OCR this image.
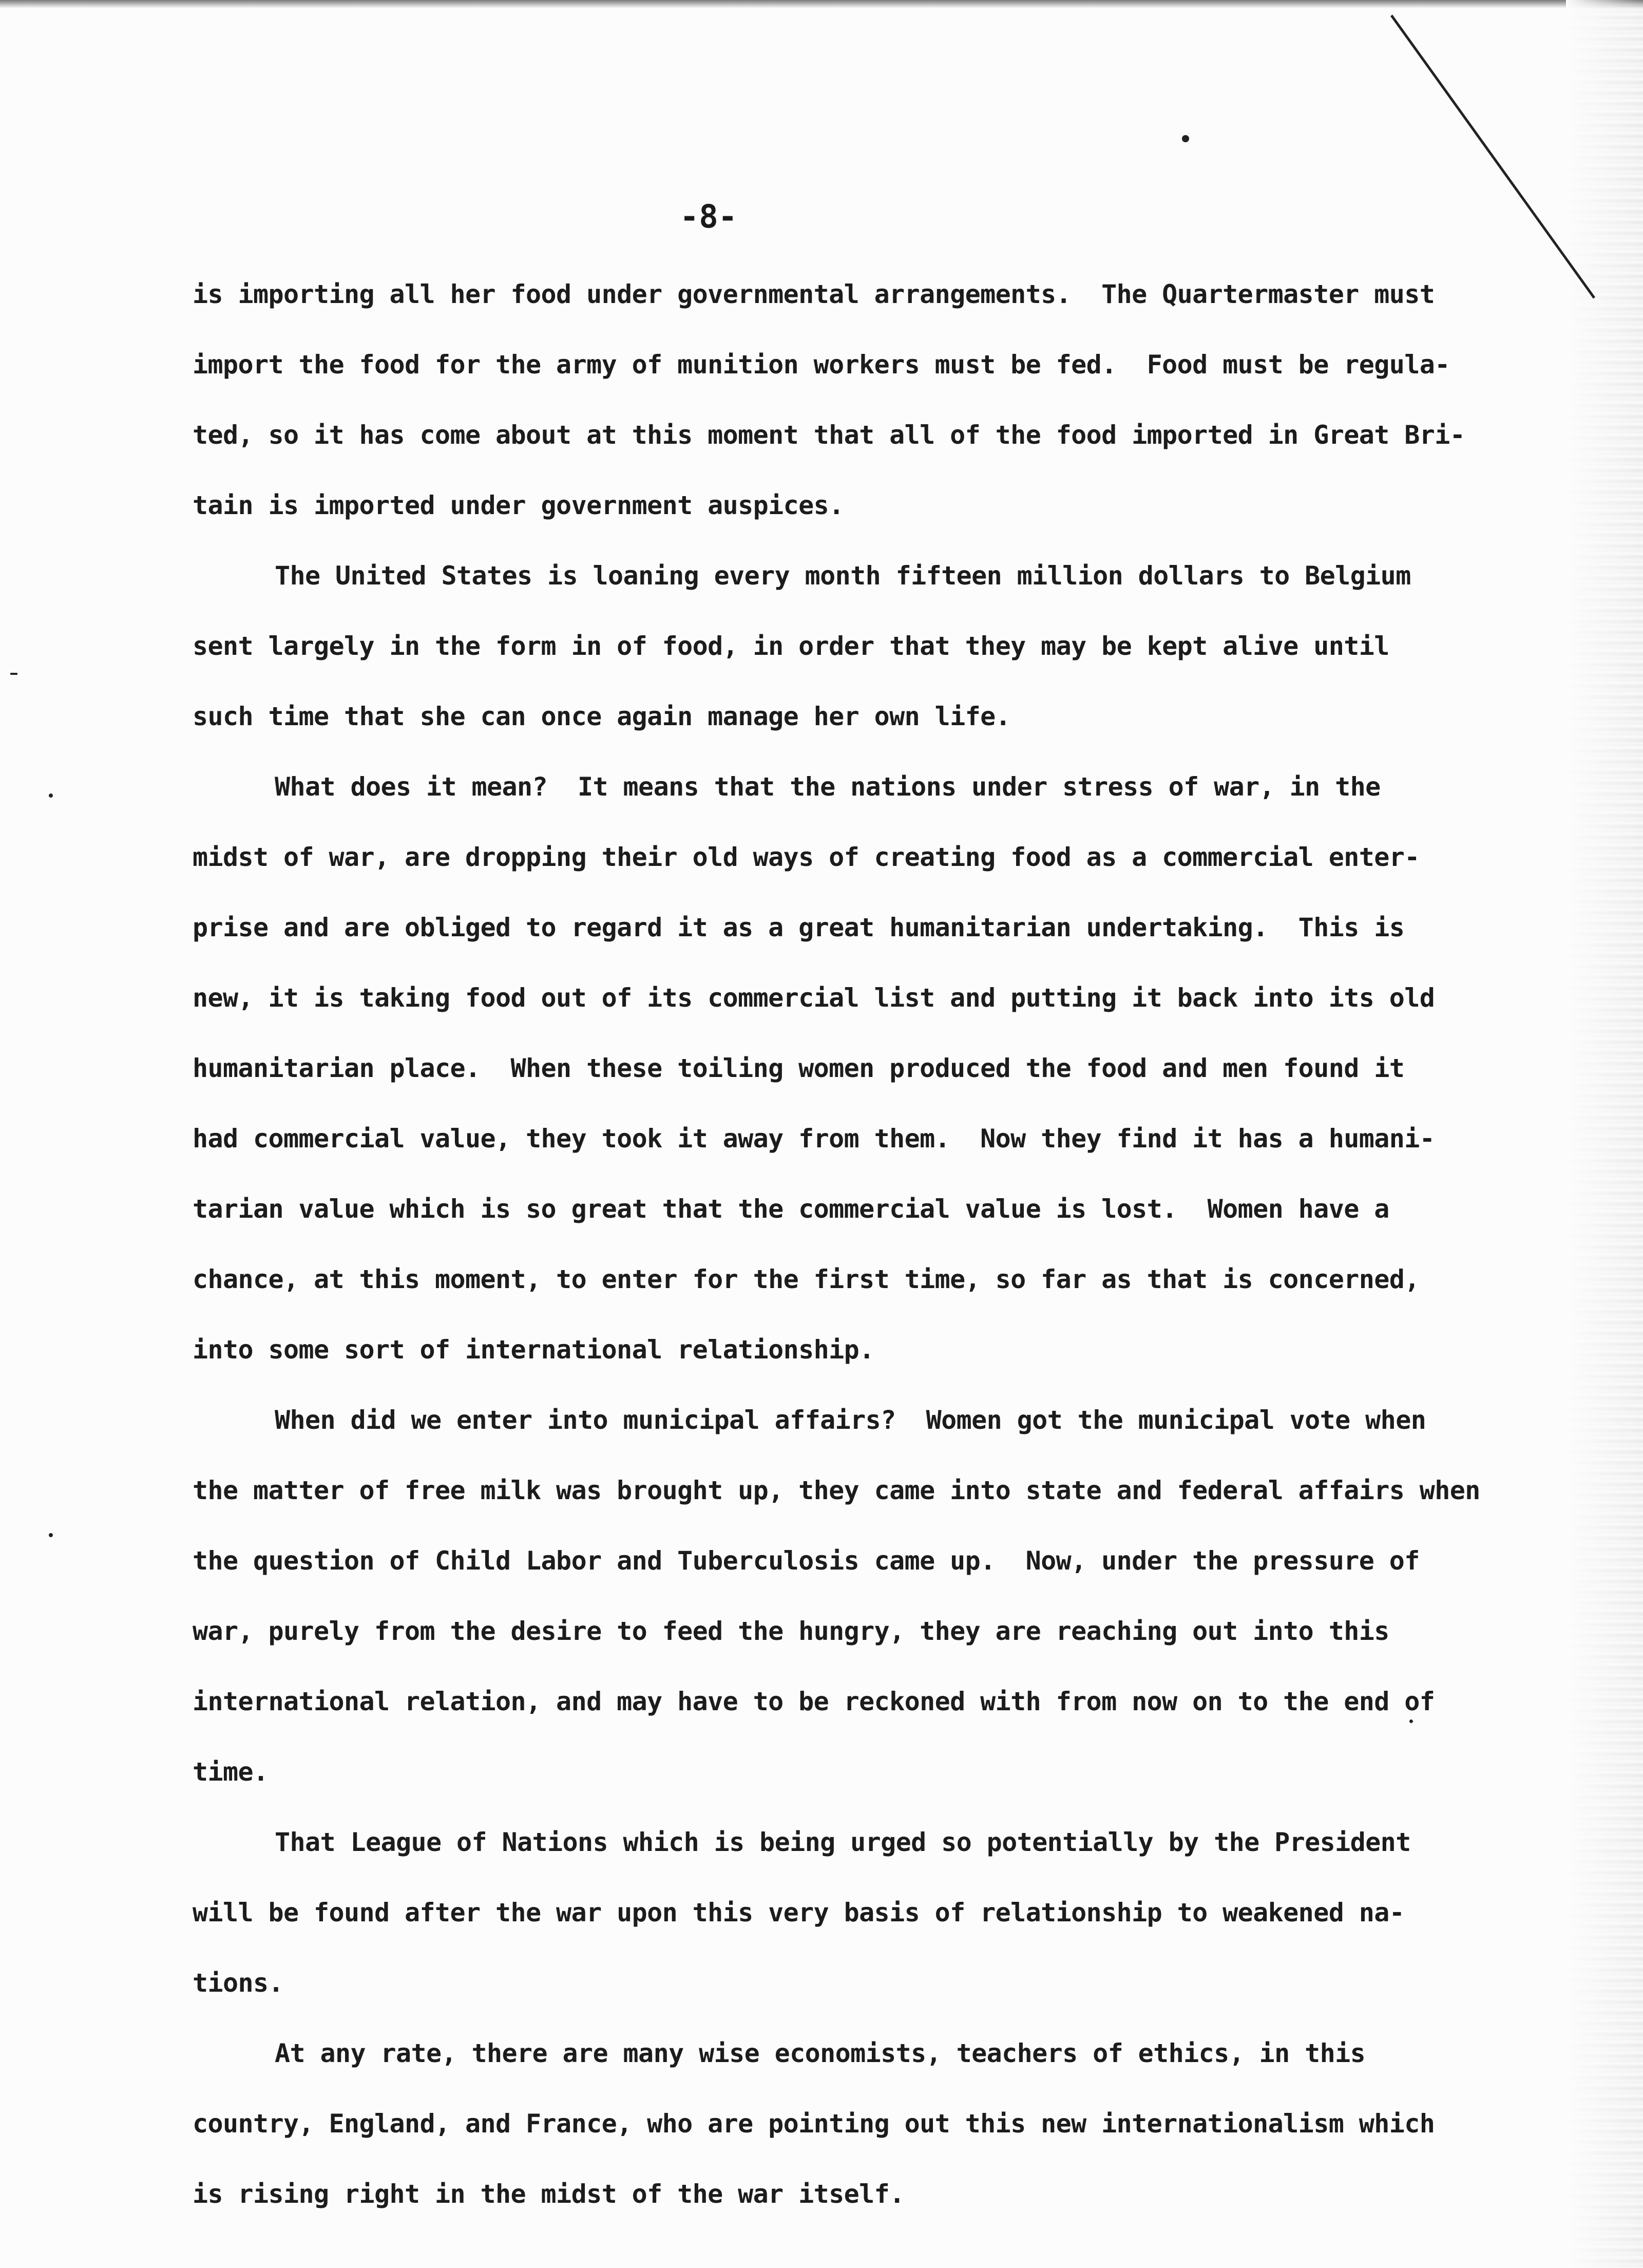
-8-

is importing all her food under governmental arrangements.  The Quartermaster must
import the food for the army of munition workers must be fed.  Food must be regula-
ted, so it has come about at this moment that all of the food imported in Great Bri-
tain is imported under government auspices.

The United States is loaning every month fifteen million dollars to Belgium
sent largely in the form in of food, in order that they may be kept alive until
such time that she can once again manage her own life.

What does it mean?  It means that the nations under stress of war, in the
midst of war, are dropping their old ways of creating food as a commercial enter-
prise and are obliged to regard it as a great humanitarian undertaking.  This is
new, it is taking food out of its commercial list and putting it back into its old
humanitarian place.  When these toiling women produced the food and men found it
had commercial value, they took it away from them.  Now they find it has a humani-
tarian value which is so great that the commercial value is lost.  Women have a
chance, at this moment, to enter for the first time, so far as that is concerned,
into some sort of international relationship.

When did we enter into municipal affairs?  Women got the municipal vote when
the matter of free milk was brought up, they came into state and federal affairs when
the question of Child Labor and Tuberculosis came up.  Now, under the pressure of
war, purely from the desire to feed the hungry, they are reaching out into this
international relation, and may have to be reckoned with from now on to the end of
time.

That League of Nations which is being urged so potentially by the President
will be found after the war upon this very basis of relationship to weakened na-
tions.

At any rate, there are many wise economists, teachers of ethics, in this
country, England, and France, who are pointing out this new internationalism which
is rising right in the midst of the war itself.
